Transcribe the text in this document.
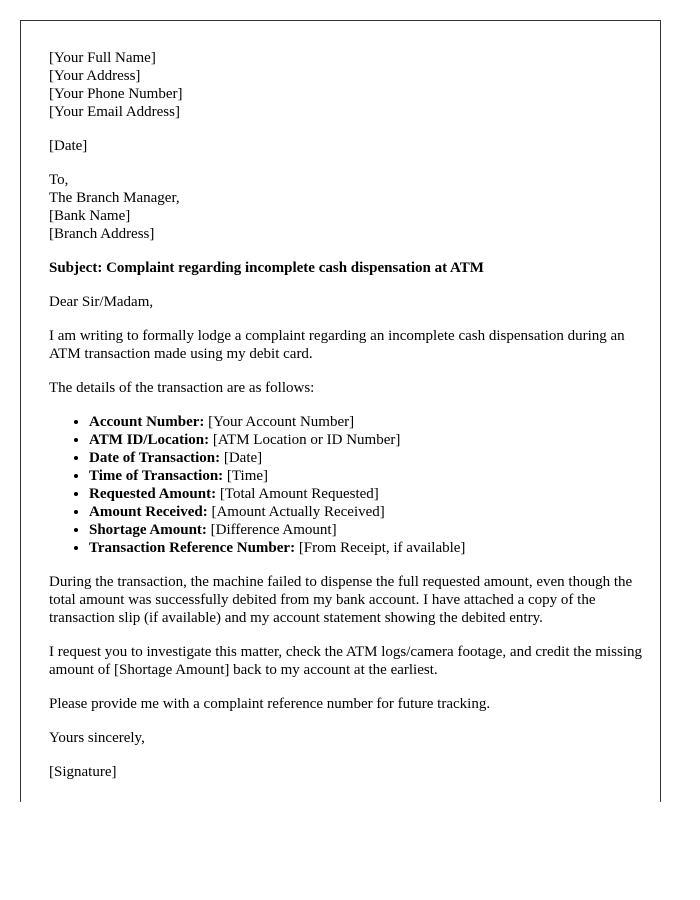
[Your Full Name]
[Your Address]
[Your Phone Number]
[Your Email Address]

[Date]

To,
The Branch Manager,
[Bank Name]
[Branch Address]

Subject: Complaint regarding incomplete cash dispensation at ATM

Dear Sir/Madam,

I am writing to formally lodge a complaint regarding an incomplete cash dispensation during an ATM transaction made using my debit card.

The details of the transaction are as follows:

• Account Number: [Your Account Number]
• ATM ID/Location: [ATM Location or ID Number]
• Date of Transaction: [Date]
• Time of Transaction: [Time]
• Requested Amount: [Total Amount Requested]
• Amount Received: [Amount Actually Received]
• Shortage Amount: [Difference Amount]
• Transaction Reference Number: [From Receipt, if available]

During the transaction, the machine failed to dispense the full requested amount, even though the total amount was successfully debited from my bank account. I have attached a copy of the transaction slip (if available) and my account statement showing the debited entry.

I request you to investigate this matter, check the ATM logs/camera footage, and credit the missing amount of [Shortage Amount] back to my account at the earliest.

Please provide me with a complaint reference number for future tracking.

Yours sincerely,

[Signature]
